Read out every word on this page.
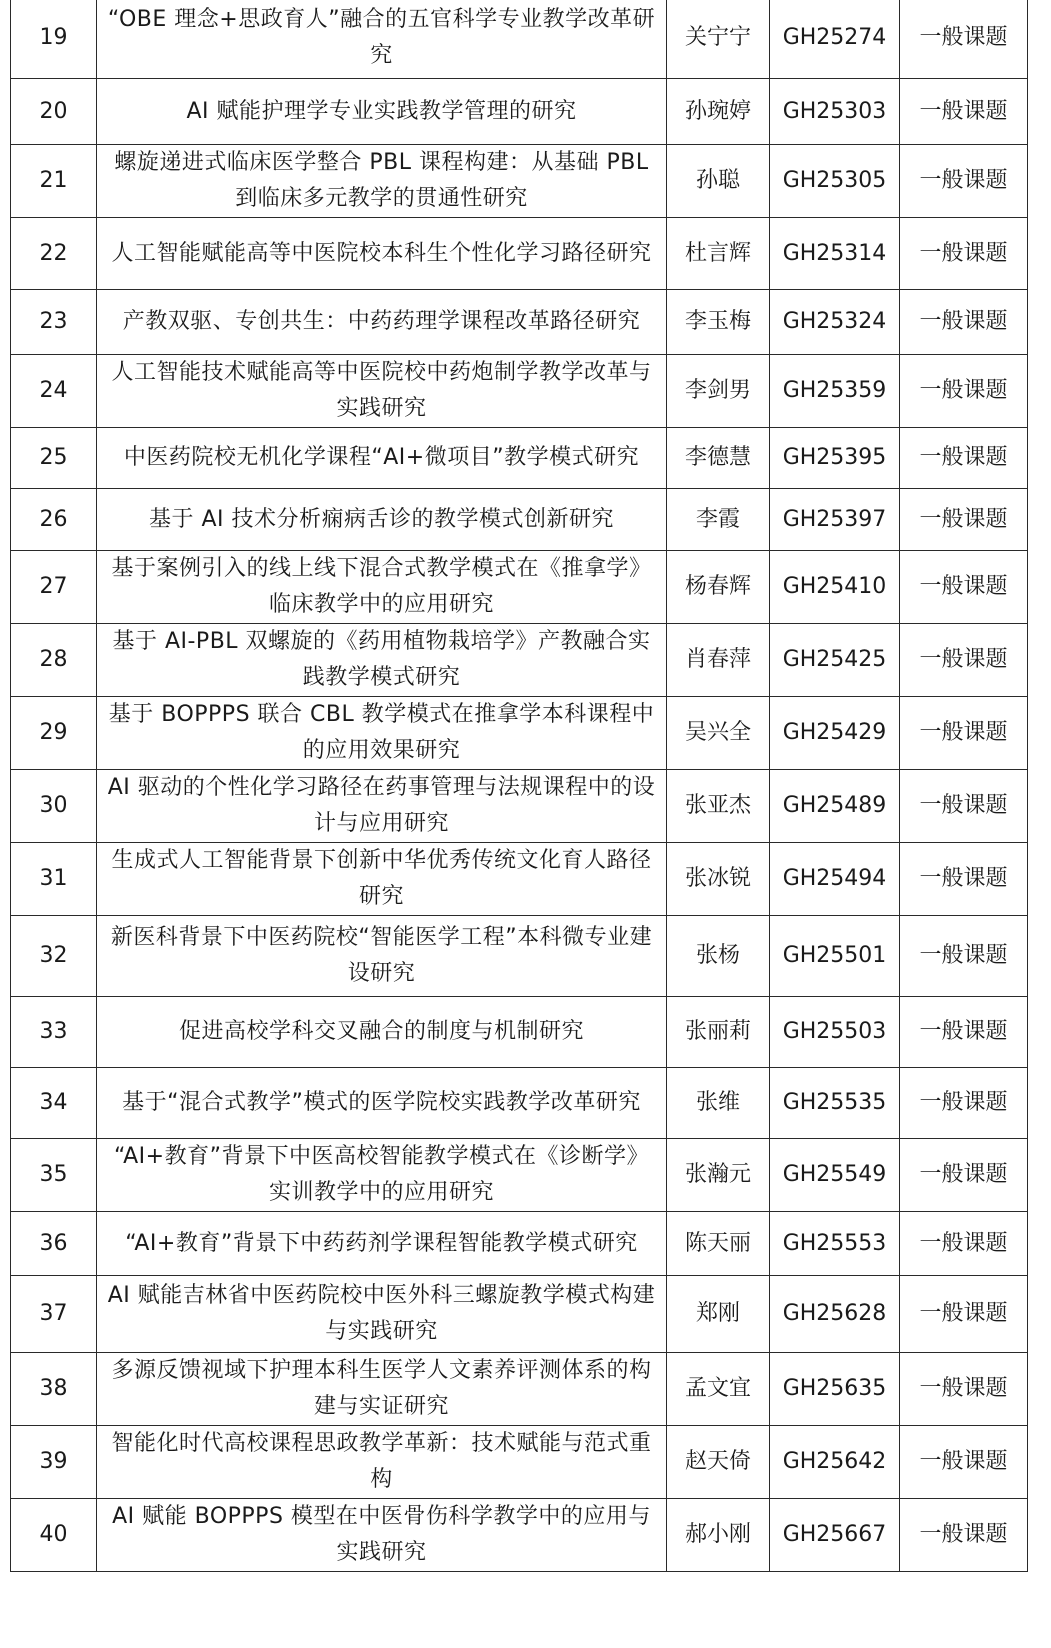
19	“OBE 理念+思政育人”融合的五官科学专业教学改革研究	关宁宁	GH25274	一般课题
20	AI 赋能护理学专业实践教学管理的研究	孙琬婷	GH25303	一般课题
21	螺旋递进式临床医学整合 PBL 课程构建：从基础 PBL 到临床多元教学的贯通性研究	孙聪	GH25305	一般课题
22	人工智能赋能高等中医院校本科生个性化学习路径研究	杜言辉	GH25314	一般课题
23	产教双驱、专创共生：中药药理学课程改革路径研究	李玉梅	GH25324	一般课题
24	人工智能技术赋能高等中医院校中药炮制学教学改革与实践研究	李剑男	GH25359	一般课题
25	中医药院校无机化学课程“AI+微项目”教学模式研究	李德慧	GH25395	一般课题
26	基于 AI 技术分析痫病舌诊的教学模式创新研究	李霞	GH25397	一般课题
27	基于案例引入的线上线下混合式教学模式在《推拿学》临床教学中的应用研究	杨春辉	GH25410	一般课题
28	基于 AI-PBL 双螺旋的《药用植物栽培学》产教融合实践教学模式研究	肖春萍	GH25425	一般课题
29	基于 BOPPPS 联合 CBL 教学模式在推拿学本科课程中的应用效果研究	吴兴全	GH25429	一般课题
30	AI 驱动的个性化学习路径在药事管理与法规课程中的设计与应用研究	张亚杰	GH25489	一般课题
31	生成式人工智能背景下创新中华优秀传统文化育人路径研究	张冰锐	GH25494	一般课题
32	新医科背景下中医药院校“智能医学工程”本科微专业建设研究	张杨	GH25501	一般课题
33	促进高校学科交叉融合的制度与机制研究	张丽莉	GH25503	一般课题
34	基于“混合式教学”模式的医学院校实践教学改革研究	张维	GH25535	一般课题
35	“AI+教育”背景下中医高校智能教学模式在《诊断学》实训教学中的应用研究	张瀚元	GH25549	一般课题
36	“AI+教育”背景下中药药剂学课程智能教学模式研究	陈天丽	GH25553	一般课题
37	AI 赋能吉林省中医药院校中医外科三螺旋教学模式构建与实践研究	郑刚	GH25628	一般课题
38	多源反馈视域下护理本科生医学人文素养评测体系的构建与实证研究	孟文宜	GH25635	一般课题
39	智能化时代高校课程思政教学革新：技术赋能与范式重构	赵天倚	GH25642	一般课题
40	AI 赋能 BOPPPS 模型在中医骨伤科学教学中的应用与实践研究	郝小刚	GH25667	一般课题
